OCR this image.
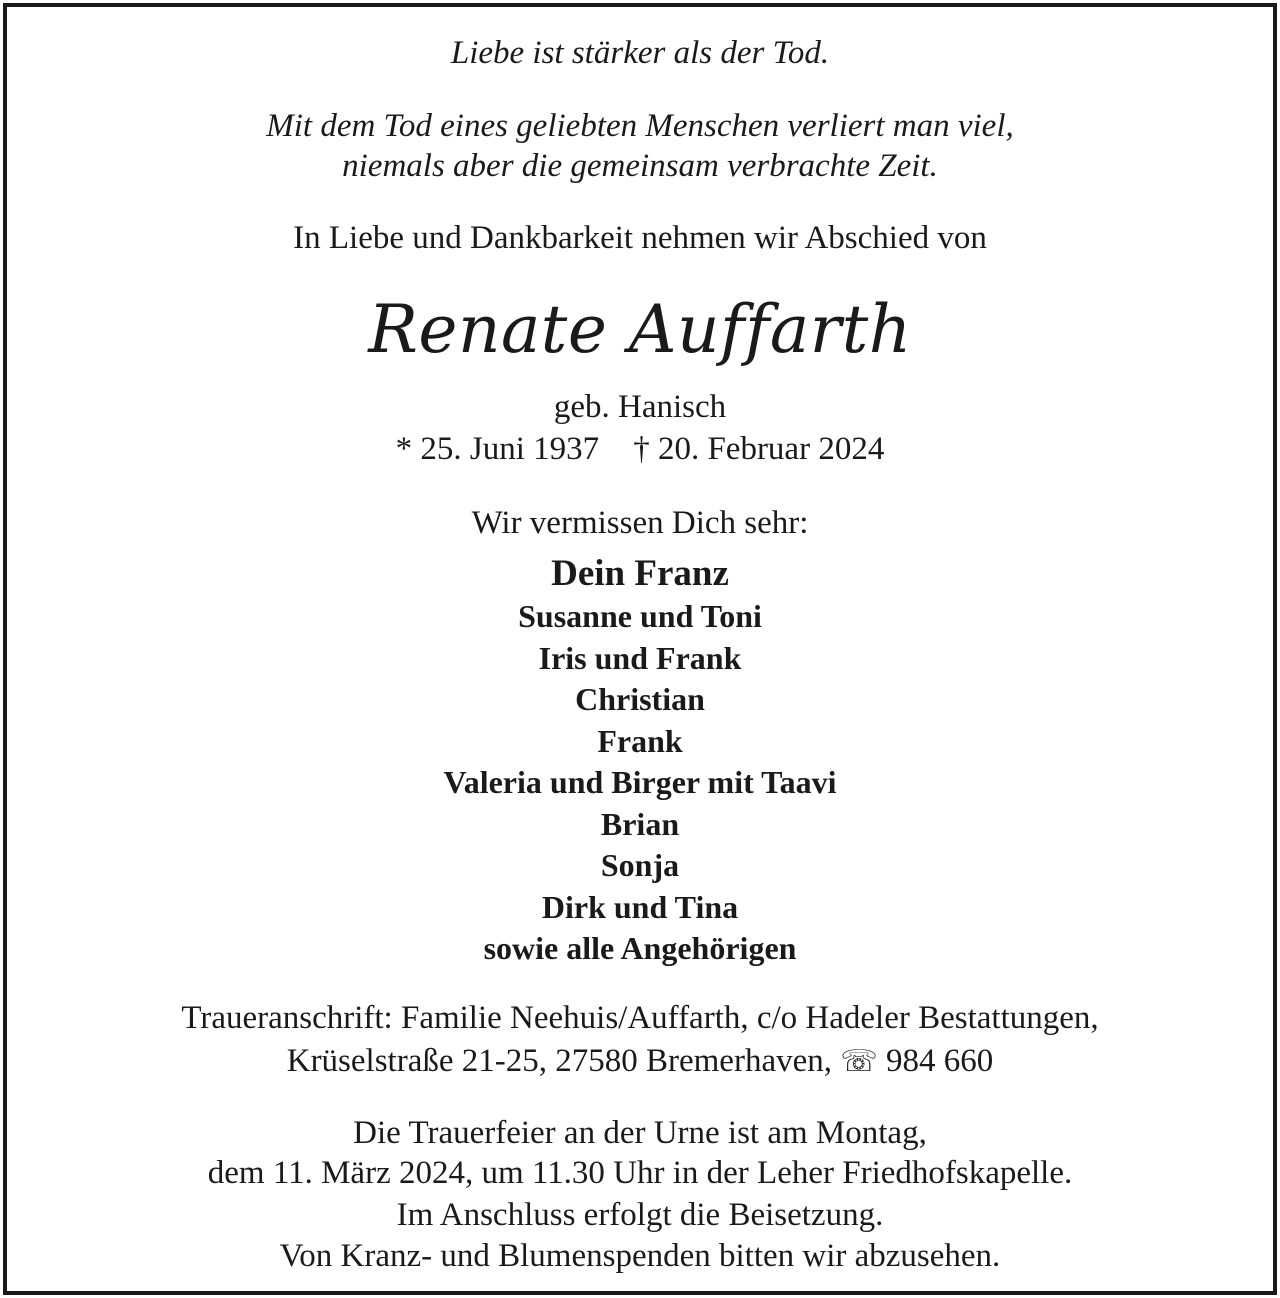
Liebe ist stärker als der Tod.
Mit dem Tod eines geliebten Menschen verliert man viel,
niemals aber die gemeinsam verbrachte Zeit.
In Liebe und Dankbarkeit nehmen wir Abschied von
Renate Auffarth
geb. Hanisch
* 25. Juni 1937 † 20. Februar 2024
Wir vermissen Dich sehr:
Dein Franz
Susanne und Toni
Iris und Frank
Christian
Frank
Valeria und Birger mit Taavi
Brian
Sonja
Dirk und Tina
sowie alle Angehörigen
Traueranschrift: Familie Neehuis/Auffarth, c/o Hadeler Bestattungen,
Krüselstraße 21-25, 27580 Bremerhaven, ☏ 984 660
Die Trauerfeier an der Urne ist am Montag,
dem 11. März 2024, um 11.30 Uhr in der Leher Friedhofskapelle.
Im Anschluss erfolgt die Beisetzung.
Von Kranz- und Blumenspenden bitten wir abzusehen.
